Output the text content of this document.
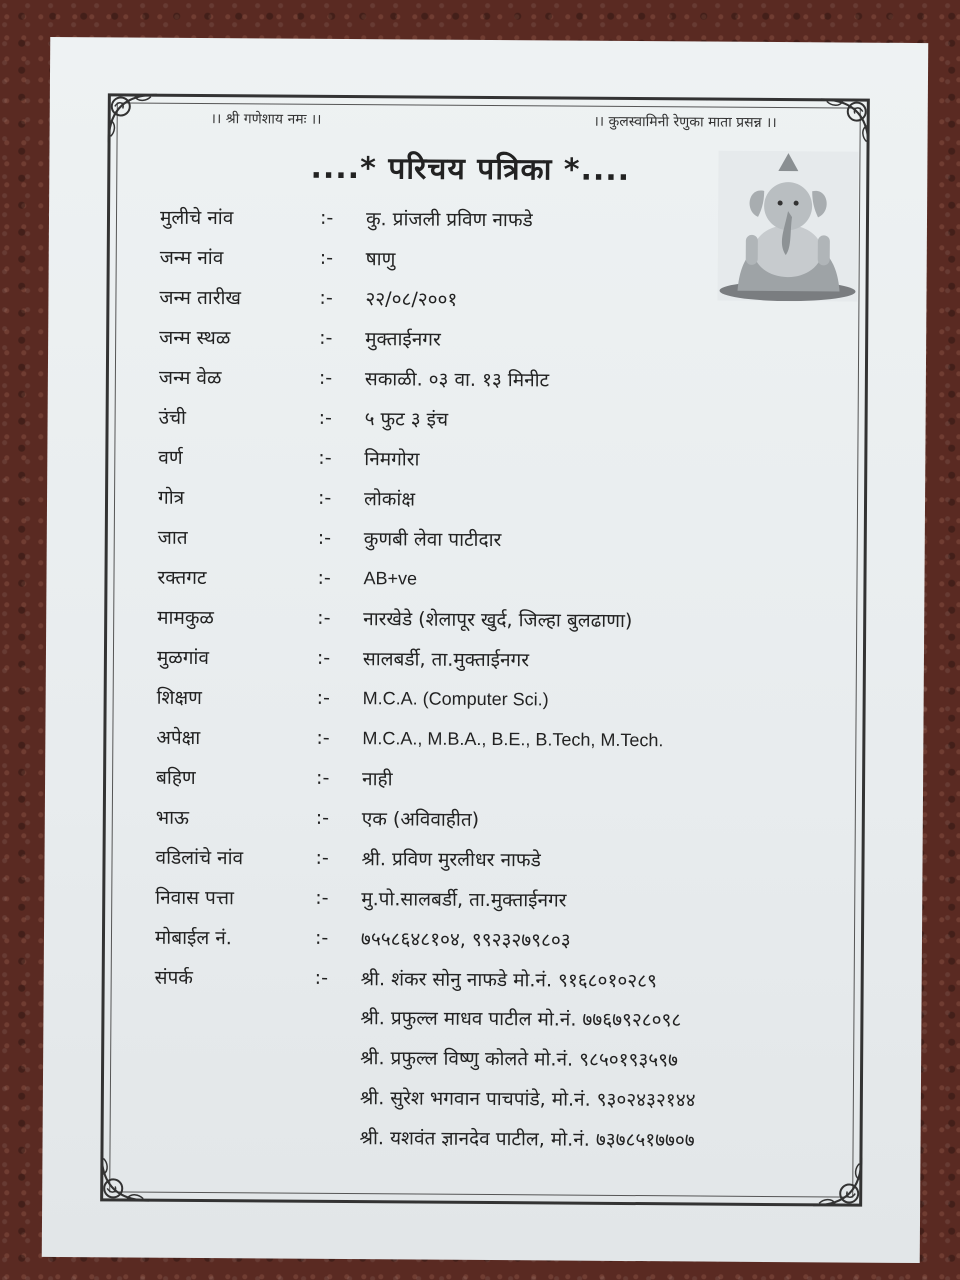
।। श्री गणेशाय नमः ।।	।। कुलस्वामिनी रेणुका माता प्रसन्न ।।
....* परिचय पत्रिका *....
मुलीचे नांव	:-	कु. प्रांजली प्रविण नाफडे
जन्म नांव	:-	षाणु
जन्म तारीख	:-	२२/०८/२००१
जन्म स्थळ	:-	मुक्ताईनगर
जन्म वेळ	:-	सकाळी. ०३ वा. १३ मिनीट
उंची	:-	५ फुट ३ इंच
वर्ण	:-	निमगोरा
गोत्र	:-	लोकांक्ष
जात	:-	कुणबी लेवा पाटीदार
रक्तगट	:-	AB+ve
मामकुळ	:-	नारखेडे (शेलापूर खुर्द, जिल्हा बुलढाणा)
मुळगांव	:-	सालबर्डी, ता.मुक्ताईनगर
शिक्षण	:-	M.C.A. (Computer Sci.)
अपेक्षा	:-	M.C.A., M.B.A., B.E., B.Tech, M.Tech.
बहिण	:-	नाही
भाऊ	:-	एक (अविवाहीत)
वडिलांचे नांव	:-	श्री. प्रविण मुरलीधर नाफडे
निवास पत्ता	:-	मु.पो.सालबर्डी, ता.मुक्ताईनगर
मोबाईल नं.	:-	७५५८६४८१०४, ९९२३२७९८०३
संपर्क	:-	श्री. शंकर सोनु नाफडे मो.नं. ९१६८०१०२८९
श्री. प्रफुल्ल माधव पाटील मो.नं. ७७६७९२८०९८
श्री. प्रफुल्ल विष्णु कोलते मो.नं. ९८५०१९३५९७
श्री. सुरेश भगवान पाचपांडे, मो.नं. ९३०२४३२१४४
श्री. यशवंत ज्ञानदेव पाटील, मो.नं. ७३७८५१७७०७
